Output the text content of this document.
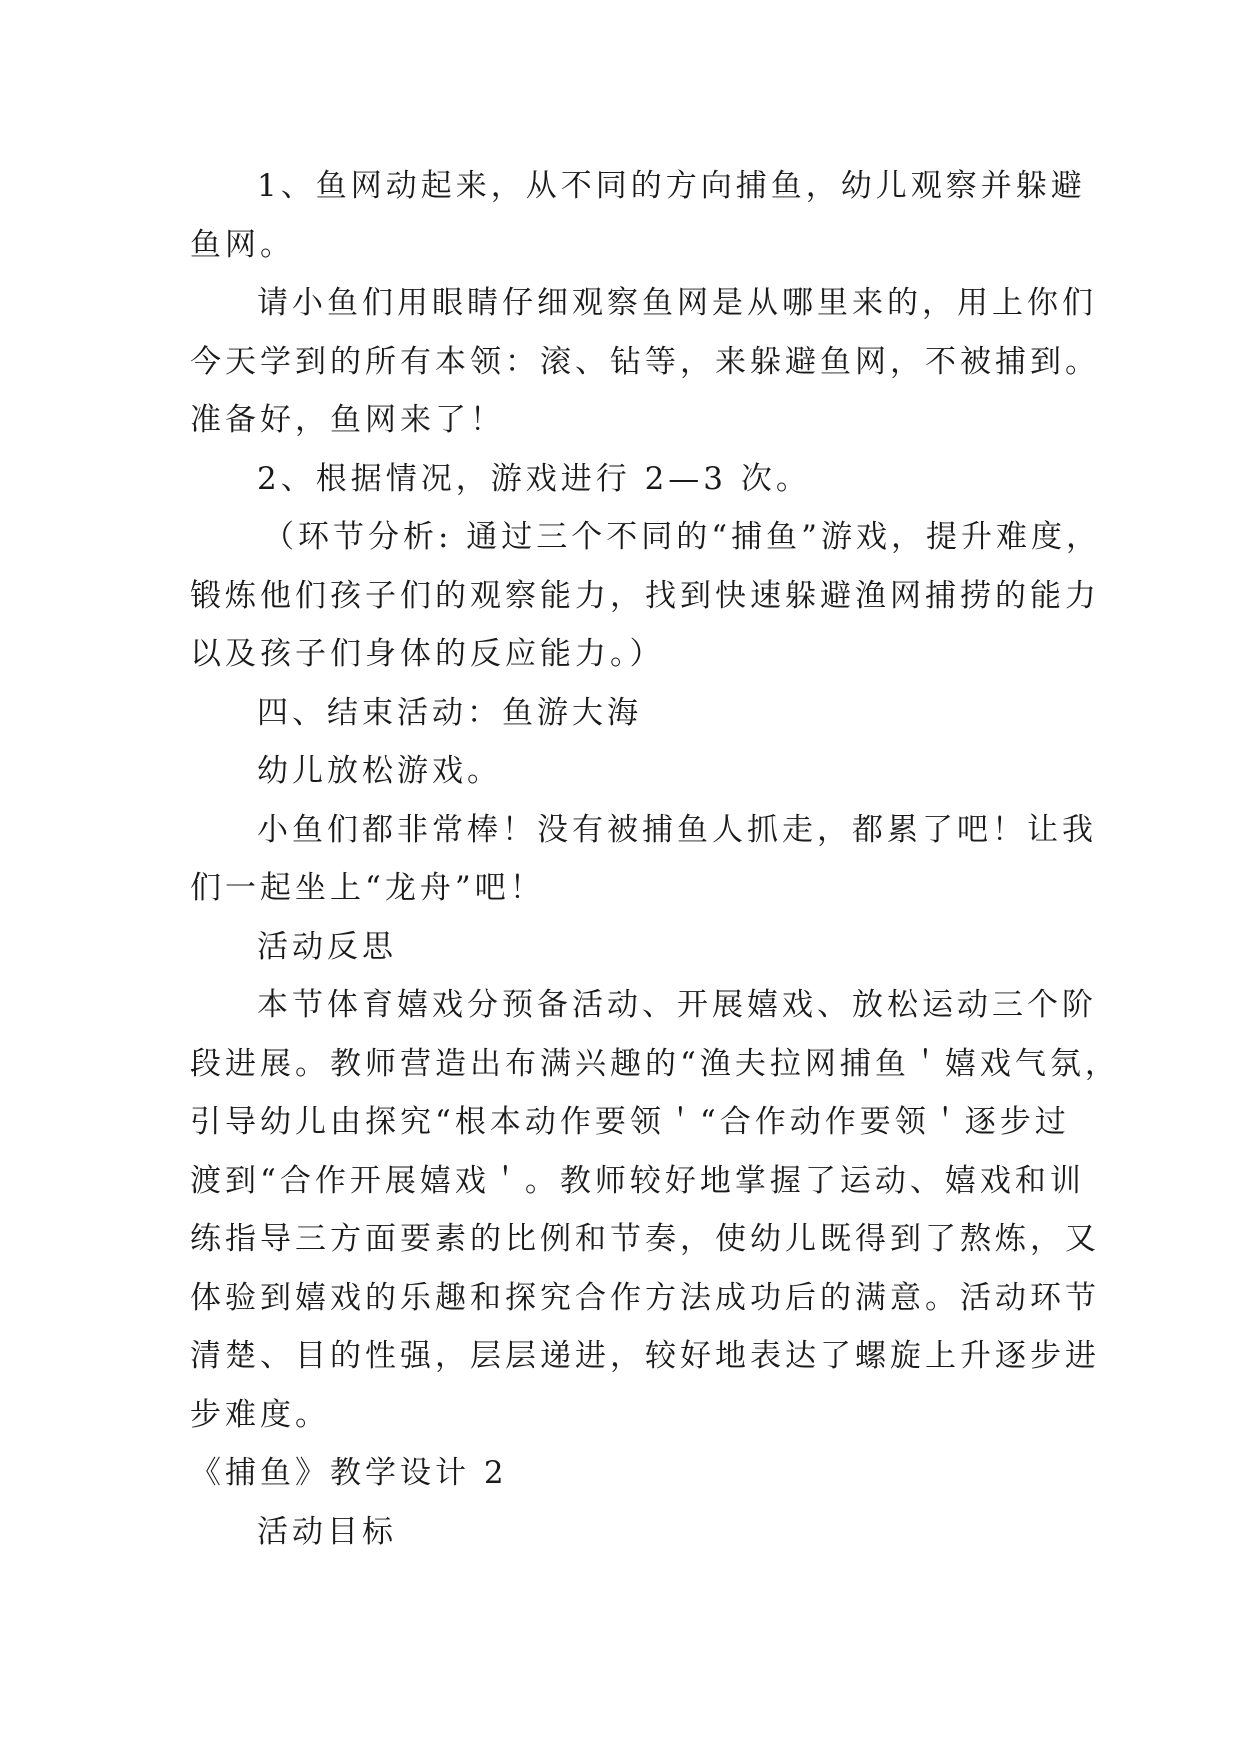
1、鱼网动起来，从不同的方向捕鱼，幼儿观察并躲避
鱼网。
请小鱼们用眼睛仔细观察鱼网是从哪里来的，用上你们
今天学到的所有本领：滚、钻等，来躲避鱼网，不被捕到。
准备好，鱼网来了！
2、根据情况，游戏进行 2—3 次。
（环节分析: 通过三个不同的“捕鱼”游戏，提升难度，
锻炼他们孩子们的观察能力，找到快速躲避渔网捕捞的能力
以及孩子们身体的反应能力。）
四、结束活动：鱼游大海
幼儿放松游戏。
小鱼们都非常棒！没有被捕鱼人抓走，都累了吧！让我
们一起坐上“龙舟”吧！
活动反思
本节体育嬉戏分预备活动、开展嬉戏、放松运动三个阶
段进展。教师营造出布满兴趣的“渔夫拉网捕鱼＇嬉戏气氛，
引导幼儿由探究“根本动作要领＇“合作动作要领＇逐步过
渡到“合作开展嬉戏＇。教师较好地掌握了运动、嬉戏和训
练指导三方面要素的比例和节奏，使幼儿既得到了熬炼，又
体验到嬉戏的乐趣和探究合作方法成功后的满意。活动环节
清楚、目的性强，层层递进，较好地表达了螺旋上升逐步进
步难度。
《捕鱼》教学设计 2
活动目标
